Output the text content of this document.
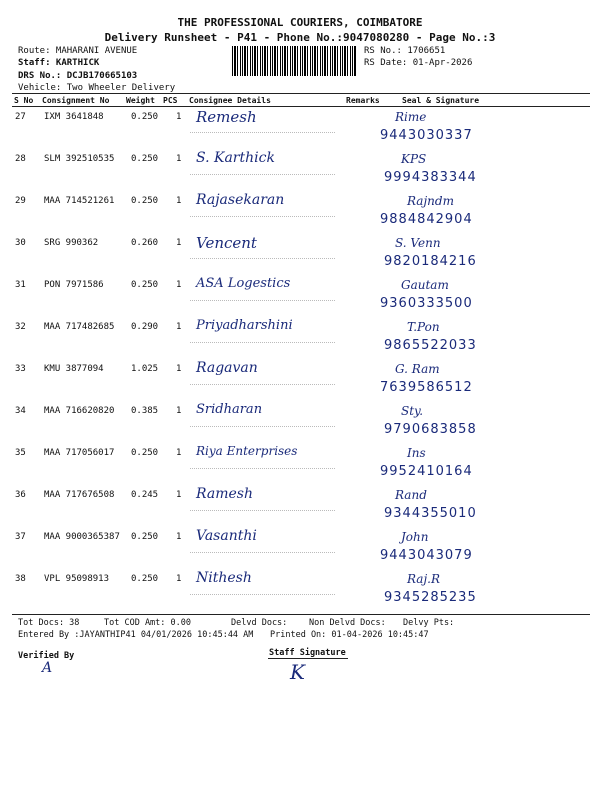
THE PROFESSIONAL COURIERS, COIMBATORE
Delivery Runsheet - P41 - Phone No.:9047080280 - Page No.:3
Route: MAHARANI AVENUE
Staff: KARTHICK
DRS No.: DCJB170665103
Vehicle: Two Wheeler Delivery
RS No.: 1706651
RS Date: 01-Apr-2026
S No Consignment No Weight PCS Consignee Details	Remarks	Seal & Signature
27 IXM 3641848	0.250 1 Remesh	Rime
9443030337
28 SLM 392510535 0.250 1 S. Karthick	KPS
9994383344
29 MAA 714521261 0.250 1 Rajasekaran	Rajndm
9884842904
30 SRG 990362	0.260 1 Vencent	S. Venn
9820184216
31 PON 7971586	0.250 1 ASA Logestics	Gautam
9360333500
32 MAA 717482685 0.290 1 Priyadharshini	T.Pon
9865522033
33 KMU 3877094	1.025 1 Ragavan	G. Ram
7639586512
34 MAA 716620820 0.385 1 Sridharan	Sty.
9790683858
35 MAA 717056017 0.250 1 Riya Enterprises	Ins
9952410164
36 MAA 717676508 0.245 1 Ramesh	Rand
9344355010
37 MAA 9000365387 0.250 1 Vasanthi	John
9443043079
38 VPL 95098913 0.250 1 Nithesh	Raj.R
9345285235
Tot Docs: 38	Tot COD Amt: 0.00	Delvd Docs:	Non Delvd Docs: Delvy Pts:
Entered By :JAYANTHIP41 04/01/2026 10:45:44 AM Printed On: 01-04-2026 10:45:47
Verified By	Staff Signature
A	K
